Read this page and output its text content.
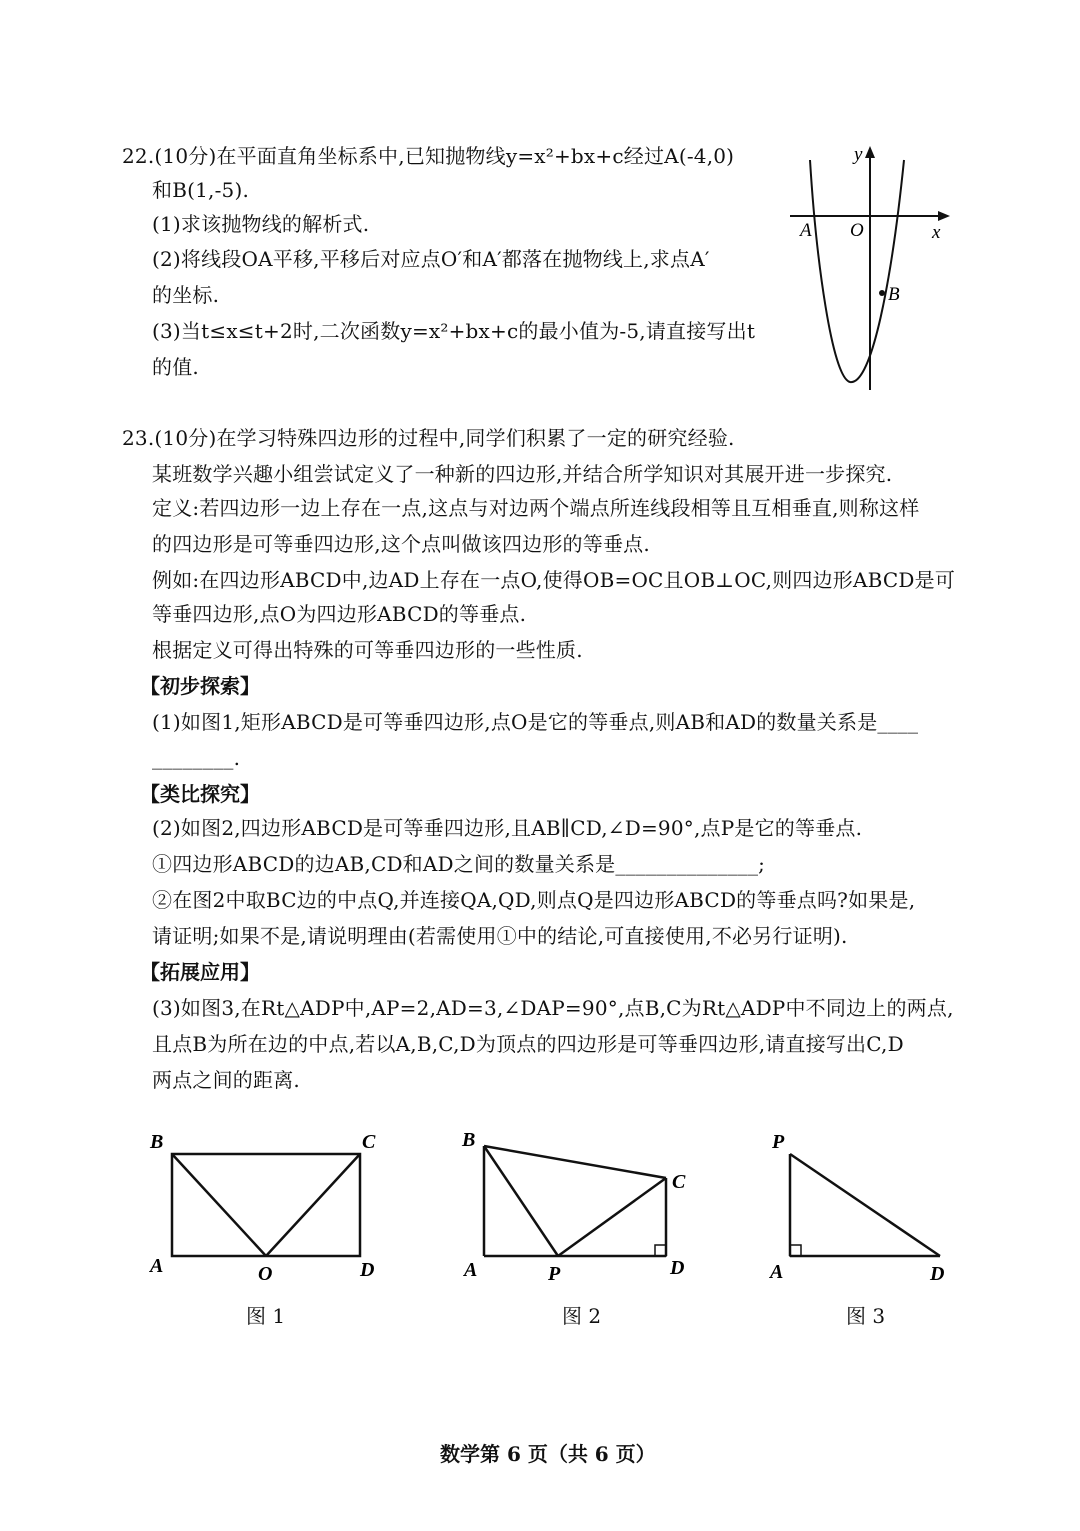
22.(10分)在平面直角坐标系中,已知抛物线y=x²+bx+c经过A(-4,0)
和B(1,-5).
(1)求该抛物线的解析式.
(2)将线段OA平移,平移后对应点O′和A′都落在抛物线上,求点A′
的坐标.
(3)当t≤x≤t+2时,二次函数y=x²+bx+c的最小值为-5,请直接写出t
的值.
y
x
O
A
B
23.(10分)在学习特殊四边形的过程中,同学们积累了一定的研究经验.
某班数学兴趣小组尝试定义了一种新的四边形,并结合所学知识对其展开进一步探究.
定义:若四边形一边上存在一点,这点与对边两个端点所连线段相等且互相垂直,则称这样
的四边形是可等垂四边形,这个点叫做该四边形的等垂点.
例如:在四边形ABCD中,边AD上存在一点O,使得OB=OC且OB⊥OC,则四边形ABCD是可
等垂四边形,点O为四边形ABCD的等垂点.
根据定义可得出特殊的可等垂四边形的一些性质.
【初步探索】
(1)如图1,矩形ABCD是可等垂四边形,点O是它的等垂点,则AB和AD的数量关系是____
________.
【类比探究】
(2)如图2,四边形ABCD是可等垂四边形,且AB∥CD,∠D=90°,点P是它的等垂点.
①四边形ABCD的边AB,CD和AD之间的数量关系是______________;
②在图2中取BC边的中点Q,并连接QA,QD,则点Q是四边形ABCD的等垂点吗?如果是,
请证明;如果不是,请说明理由(若需使用①中的结论,可直接使用,不必另行证明).
【拓展应用】
(3)如图3,在Rt△ADP中,AP=2,AD=3,∠DAP=90°,点B,C为Rt△ADP中不同边上的两点,
且点B为所在边的中点,若以A,B,C,D为顶点的四边形是可等垂四边形,请直接写出C,D
两点之间的距离.
B	C
A	O	D
图 1
B
C
A	P	D
图 2
P
A	D
图 3
数学第 6 页（共 6 页）
